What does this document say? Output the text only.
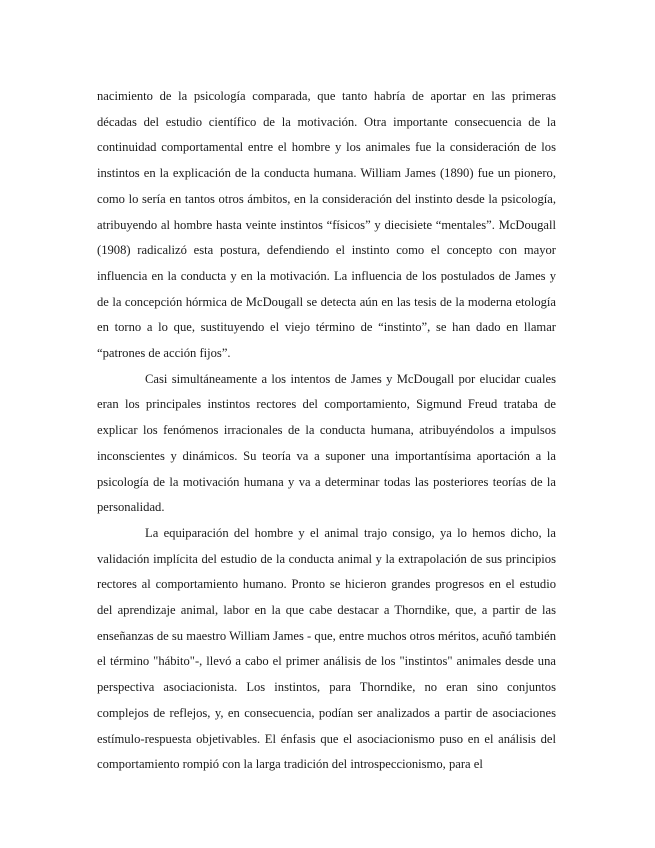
nacimiento de la psicología comparada, que tanto habría de aportar en las primeras décadas del estudio científico de la motivación. Otra importante consecuencia de la continuidad comportamental entre el hombre y los animales fue la consideración de los instintos en la explicación de la conducta humana. William James (1890) fue un pionero, como lo sería en tantos otros ámbitos, en la consideración del instinto desde la psicología, atribuyendo al hombre hasta veinte instintos “físicos” y diecisiete “mentales”. McDougall (1908) radicalizó esta postura, defendiendo el instinto como el concepto con mayor influencia en la conducta y en la motivación. La influencia de los postulados de James y de la concepción hórmica de McDougall se detecta aún en las tesis de la moderna etología en torno a lo que, sustituyendo el viejo término de “instinto”, se han dado en llamar “patrones de acción fijos”.

Casi simultáneamente a los intentos de James y McDougall por elucidar cuales eran los principales instintos rectores del comportamiento, Sigmund Freud trataba de explicar los fenómenos irracionales de la conducta humana, atribuyéndolos a impulsos inconscientes y dinámicos. Su teoría va a suponer una importantísima aportación a la psicología de la motivación humana y va a determinar todas las posteriores teorías de la personalidad.

La equiparación del hombre y el animal trajo consigo, ya lo hemos dicho, la validación implícita del estudio de la conducta animal y la extrapolación de sus principios rectores al comportamiento humano. Pronto se hicieron grandes progresos en el estudio del aprendizaje animal, labor en la que cabe destacar a Thorndike, que, a partir de las enseñanzas de su maestro William James - que, entre muchos otros méritos, acuñó también el término "hábito"-, llevó a cabo el primer análisis de los "instintos" animales desde una perspectiva asociacionista. Los instintos, para Thorndike, no eran sino conjuntos complejos de reflejos, y, en consecuencia, podían ser analizados a partir de asociaciones estímulo-respuesta objetivables. El énfasis que el asociacionismo puso en el análisis del comportamiento rompió con la larga tradición del introspeccionismo, para el
